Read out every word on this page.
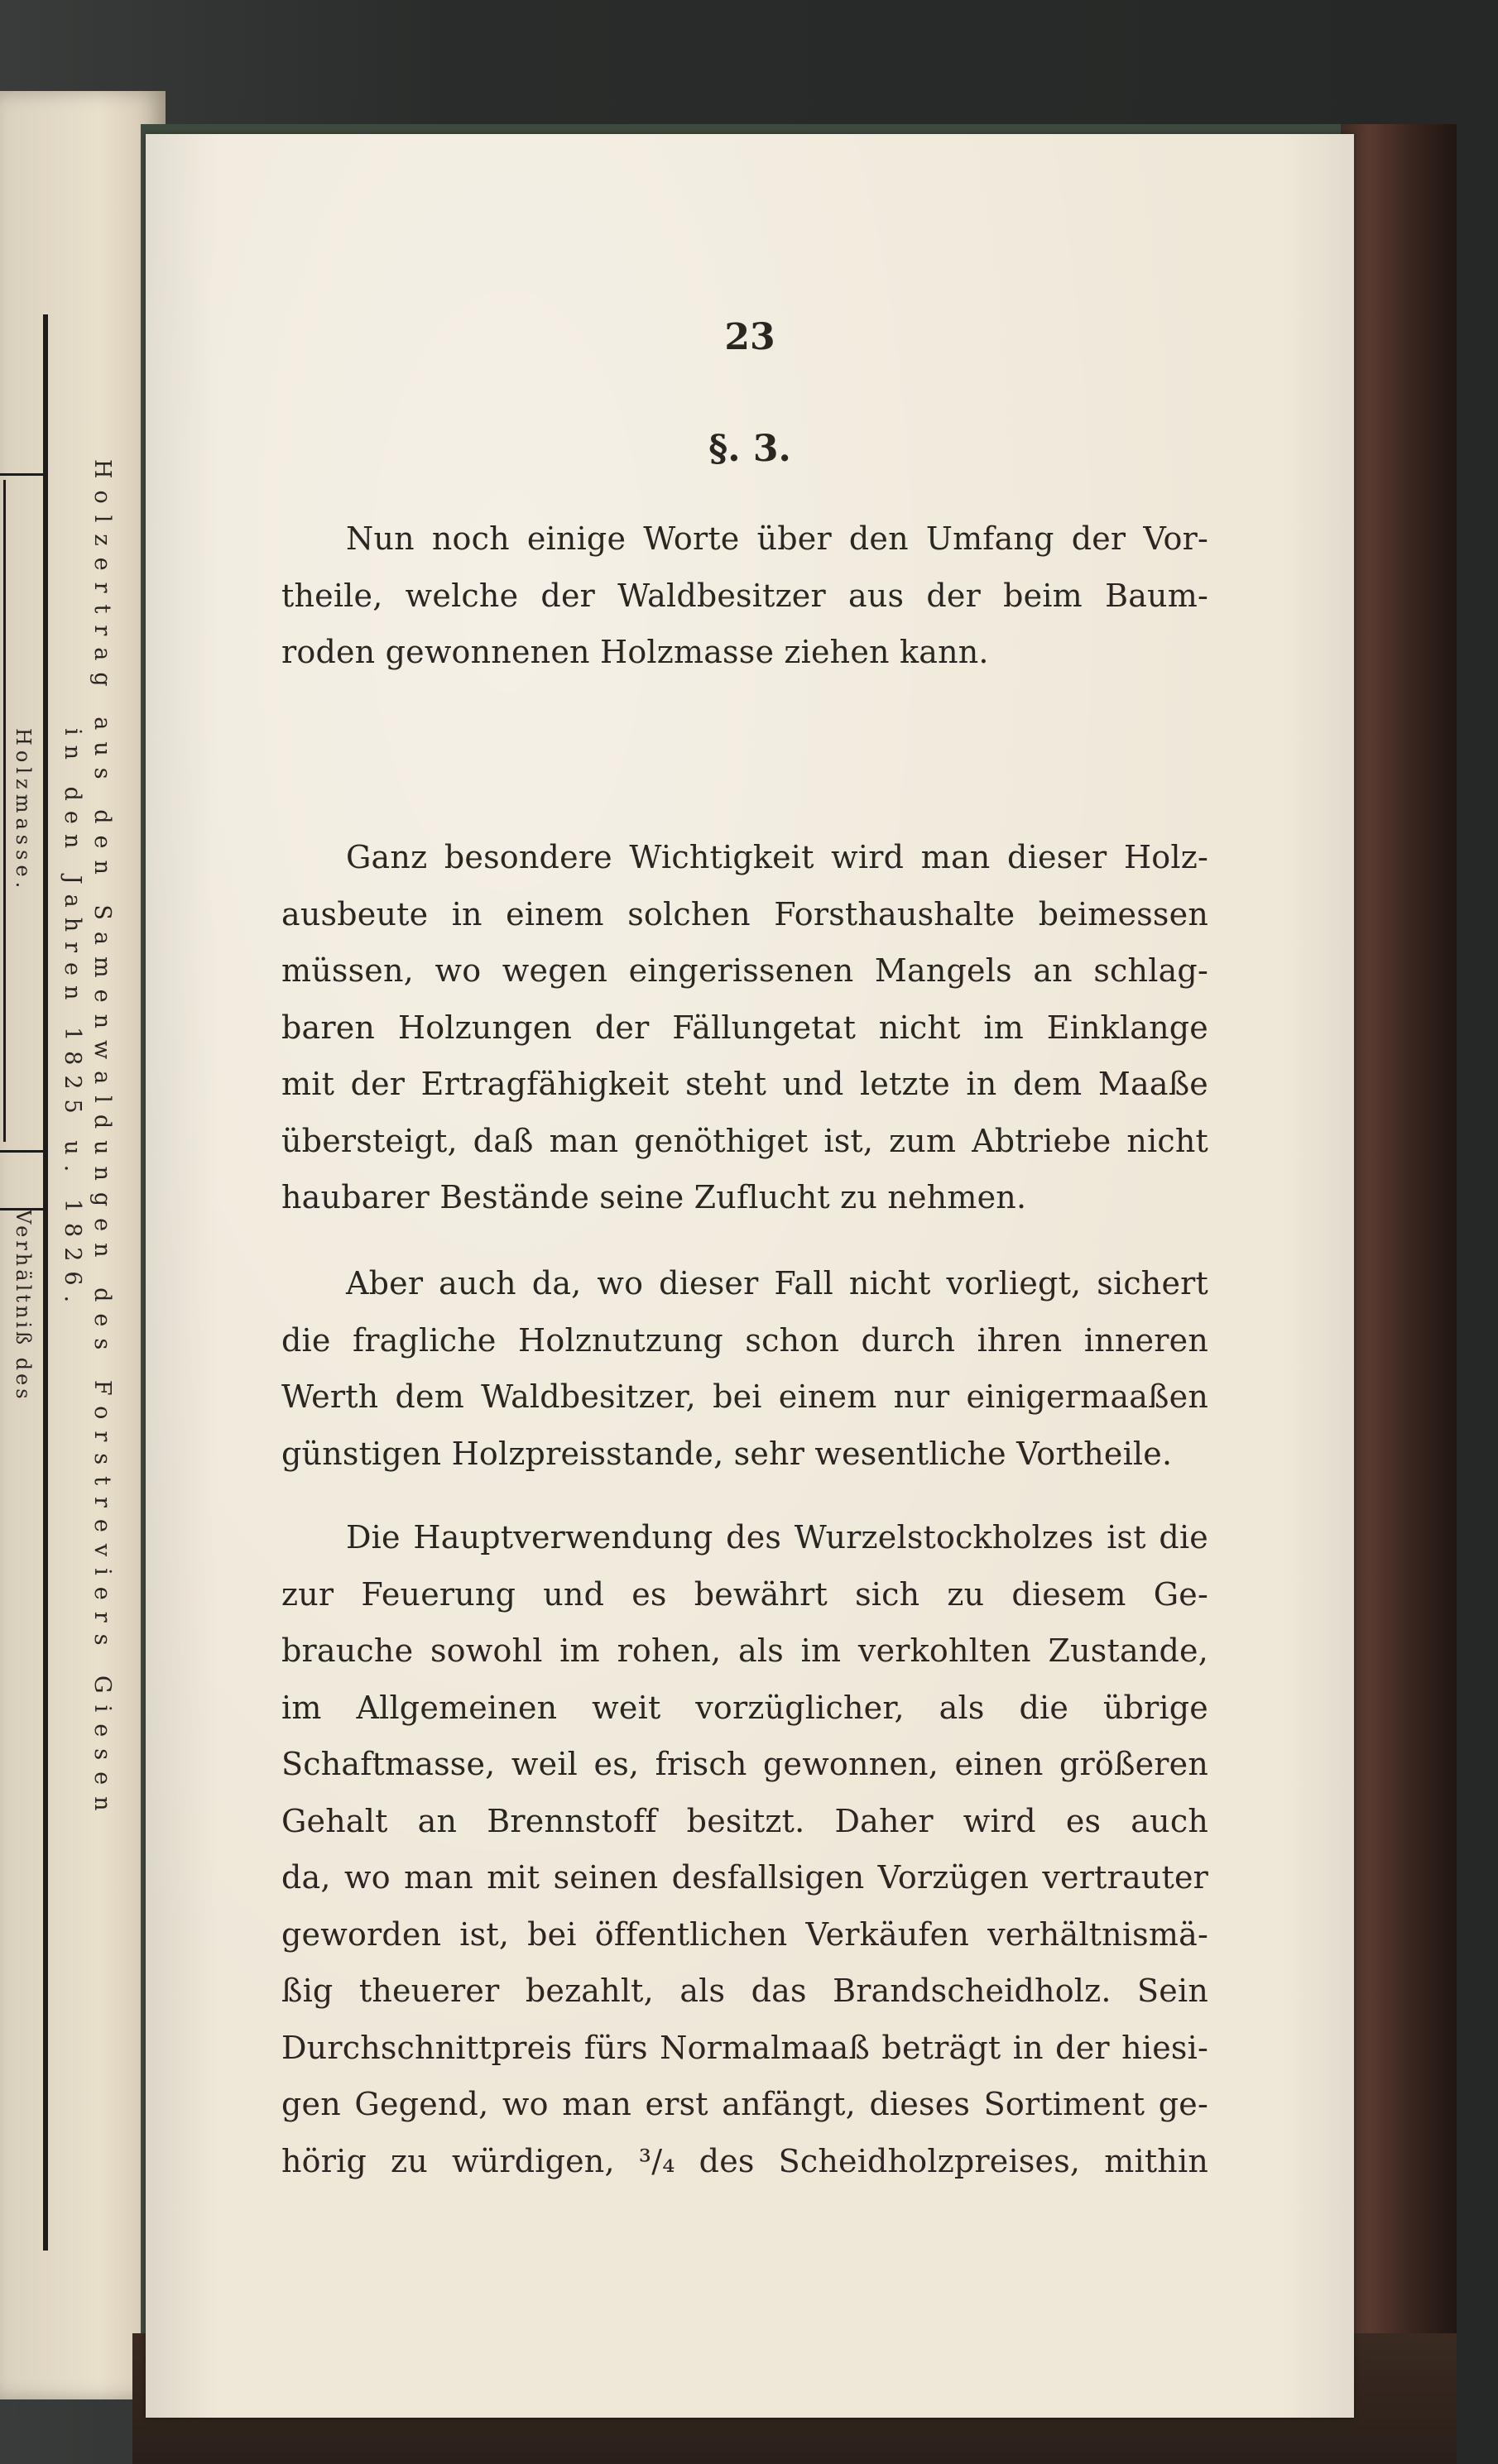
Holzertrag aus den Samenwaldungen des Forstreviers Giesen
in den Jahren 1825 u. 1826.
Holzmasse.
Verhältniß des
23
§. 3.
Nun noch einige Worte über den Umfang der Vor-
theile, welche der Waldbesitzer aus der beim Baum-
roden gewonnenen Holzmasse ziehen kann.
Ganz besondere Wichtigkeit wird man dieser Holz-
ausbeute in einem solchen Forsthaushalte beimessen
müssen, wo wegen eingerissenen Mangels an schlag-
baren Holzungen der Fällungetat nicht im Einklange
mit der Ertragfähigkeit steht und letzte in dem Maaße
übersteigt, daß man genöthiget ist, zum Abtriebe nicht
haubarer Bestände seine Zuflucht zu nehmen.
Aber auch da, wo dieser Fall nicht vorliegt, sichert
die fragliche Holznutzung schon durch ihren inneren
Werth dem Waldbesitzer, bei einem nur einigermaaßen
günstigen Holzpreisstande, sehr wesentliche Vortheile.
Die Hauptverwendung des Wurzelstockholzes ist die
zur Feuerung und es bewährt sich zu diesem Ge-
brauche sowohl im rohen, als im verkohlten Zustande,
im Allgemeinen weit vorzüglicher, als die übrige
Schaftmasse, weil es, frisch gewonnen, einen größeren
Gehalt an Brennstoff besitzt. Daher wird es auch
da, wo man mit seinen desfallsigen Vorzügen vertrauter
geworden ist, bei öffentlichen Verkäufen verhältnismä-
ßig theuerer bezahlt, als das Brandscheidholz. Sein
Durchschnittpreis fürs Normalmaaß beträgt in der hiesi-
gen Gegend, wo man erst anfängt, dieses Sortiment ge-
hörig zu würdigen, ³/₄ des Scheidholzpreises, mithin
